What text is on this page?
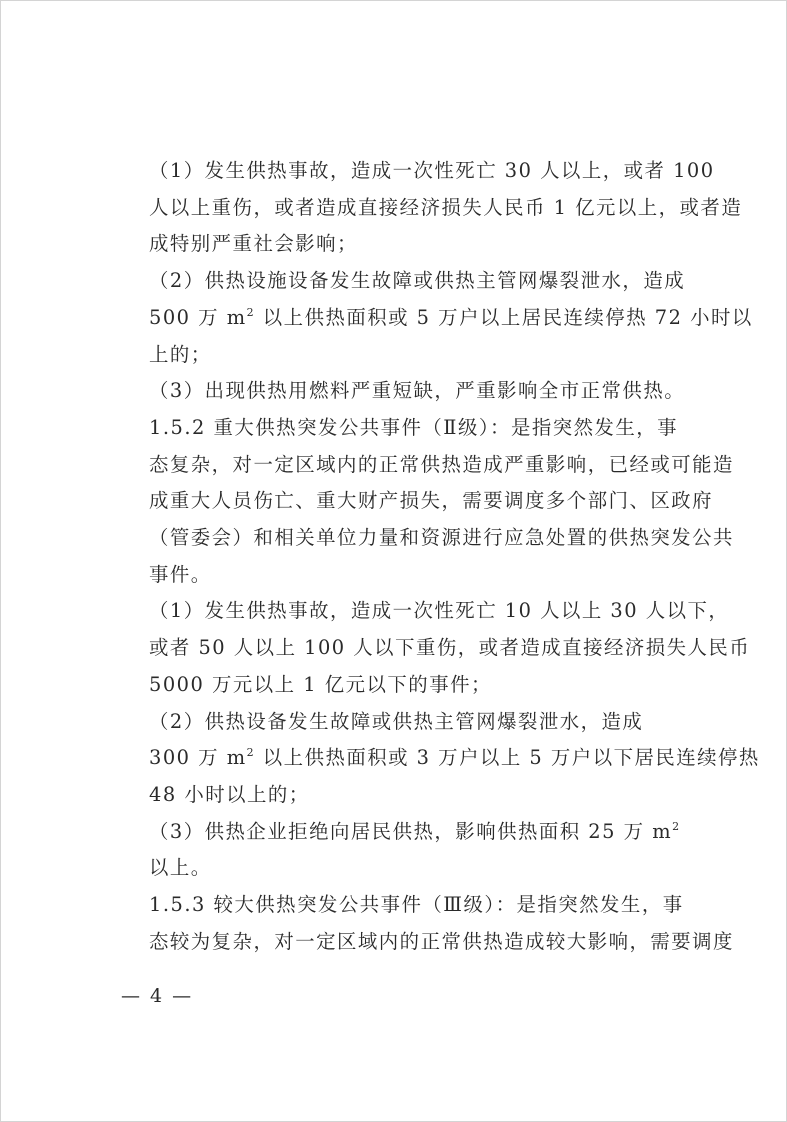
（1）发生供热事故，造成一次性死亡 30 人以上，或者 100
人以上重伤，或者造成直接经济损失人民币 1 亿元以上，或者造
成特别严重社会影响；
（2）供热设施设备发生故障或供热主管网爆裂泄水，造成
500 万 $m^2$ 以上供热面积或 5 万户以上居民连续停热 72 小时以
上的；
（3）出现供热用燃料严重短缺，严重影响全市正常供热。
1.5.2 重大供热突发公共事件（Ⅱ级）：是指突然发生，事
态复杂，对一定区域内的正常供热造成严重影响，已经或可能造
成重大人员伤亡、重大财产损失，需要调度多个部门、区政府
（管委会）和相关单位力量和资源进行应急处置的供热突发公共
事件。
（1）发生供热事故，造成一次性死亡 10 人以上 30 人以下，
或者 50 人以上 100 人以下重伤，或者造成直接经济损失人民币
5000 万元以上 1 亿元以下的事件；
（2）供热设备发生故障或供热主管网爆裂泄水，造成
300 万 $m^2$ 以上供热面积或 3 万户以上 5 万户以下居民连续停热
48 小时以上的；
（3）供热企业拒绝向居民供热，影响供热面积 25 万 $m^2$
以上。
1.5.3 较大供热突发公共事件（Ⅲ级）：是指突然发生，事
态较为复杂，对一定区域内的正常供热造成较大影响，需要调度
— 4 —
